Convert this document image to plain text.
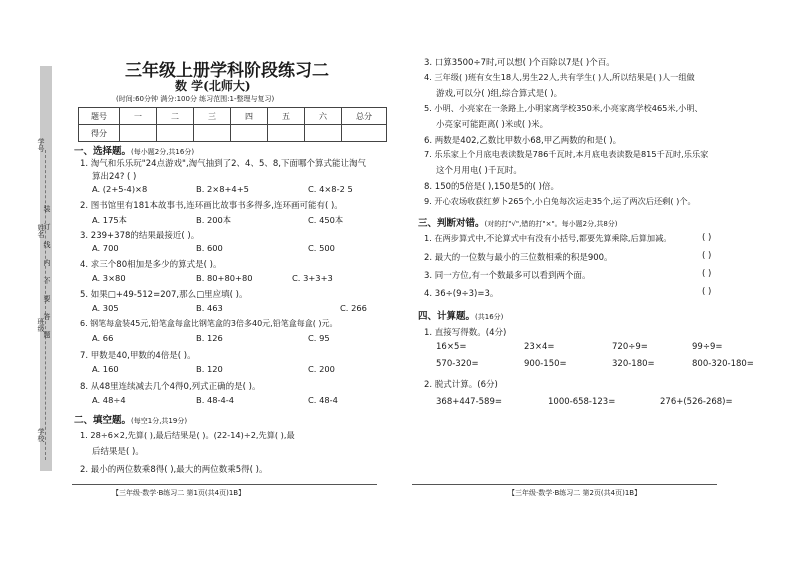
学号
姓名
班级
学校
装
订
线
内
不
要
答
题
三年级上册学科阶段练习二
数 学(北师大)
(时间:60分钟 满分:100分 练习范围:1-整理与复习)
题号	一	二	三	四	五	六	总分
得分							
一、选择题。(每小题2分,共16分)
1. 淘气和乐乐玩"24点游戏",淘气抽到了2、4、5、8,下面哪个算式能让淘气
算出24? ( )
A. (2+5-4)×8	B. 2×8+4+5	C. 4×8-2 5
2. 图书馆里有181本故事书,连环画比故事书多得多,连环画可能有( )。
A. 175本	B. 200本	C. 450本
3. 239+378的结果最接近( )。
A. 700	B. 600	C. 500
4. 求三个80相加是多少的算式是( )。
A. 3×80	B. 80+80+80	C. 3+3+3
5. 如果□+49-512=207,那么□里应填( )。
A. 305	B. 463	C. 266
6. 钢笔每盒装45元,铅笔盒每盒比钢笔盒的3倍多40元,铅笔盒每盒( )元。
A. 66	B. 126	C. 95
7. 甲数是40,甲数的4倍是( )。
A. 160	B. 120	C. 200
8. 从48里连续减去几个4得0,列式正确的是( )。
A. 48÷4	B. 48-4-4	C. 48-4
二、填空题。(每空1分,共19分)
1. 28÷6×2,先算( ),最后结果是( )。(22-14)÷2,先算( ),最
后结果是( )。
2. 最小的两位数乘8得( ),最大的两位数乘5得( )。
【三年级·数学·B练习二 第1页(共4页)1B】
3. 口算3500÷7时,可以想( )个百除以7是( )个百。
4. 三年级( )班有女生18人,男生22人,共有学生( )人,所以结果是( )人一组做
游戏,可以分( )组,综合算式是( )。
5. 小明、小亮家在一条路上,小明家离学校350米,小亮家离学校465米,小明、
小亮家可能距离( )米或( )米。
6. 两数是402,乙数比甲数小68,甲乙两数的和是( )。
7. 乐乐家上个月底电表读数是786千瓦时,本月底电表读数是815千瓦时,乐乐家
这个月用电( )千瓦时。
8. 150的5倍是( ),150是5的( )倍。
9. 开心农场收获红萝卜265个,小白兔每次运走35个,运了两次后还剩( )个。
三、判断对错。(对的打"√",错的打"×"。每小题2分,共8分)
1. 在两步算式中,不论算式中有没有小括号,都要先算乘除,后算加减。	( )
2. 最大的一位数与最小的三位数相乘的积是900。	( )
3. 同一方位,有一个数最多可以看到两个面。	( )
4. 36÷(9÷3)=3。	( )
四、计算题。(共16分)
1. 直接写得数。(4分)
16×5=	23×4=	720÷9=	99÷9=
570-320=	900-150=	320-180=	800-320-180=
2. 脱式计算。(6分)
368+447-589=	1000-658-123=	276+(526-268)=
【三年级·数学·B练习二 第2页(共4页)1B】
